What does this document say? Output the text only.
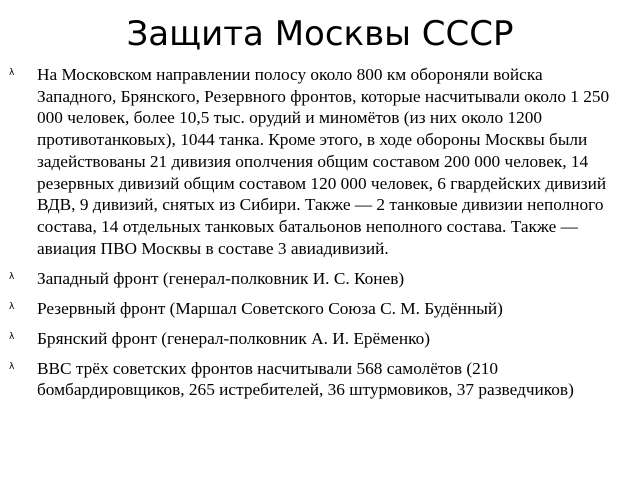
Защита Москвы СССР
λ На Московском направлении полосу около 800 км обороняли войска Западного, Брянского, Резервного фронтов, которые насчитывали около 1 250 000 человек, более 10,5 тыс. орудий и миномётов (из них около 1200 противотанковых), 1044 танка. Кроме этого, в ходе обороны Москвы были задействованы 21 дивизия ополчения общим составом 200 000 человек, 14 резервных дивизий общим составом 120 000 человек, 6 гвардейских дивизий ВДВ, 9 дивизий, снятых из Сибири. Также — 2 танковые дивизии неполного состава, 14 отдельных танковых батальонов неполного состава. Также — авиация ПВО Москвы в составе 3 авиадивизий.
λ Западный фронт (генерал-полковник И. С. Конев)
λ Резервный фронт (Маршал Советского Союза С. М. Будённый)
λ Брянский фронт (генерал-полковник А. И. Ерёменко)
λ ВВС трёх советских фронтов насчитывали 568 самолётов (210 бомбардировщиков, 265 истребителей, 36 штурмовиков, 37 разведчиков)
